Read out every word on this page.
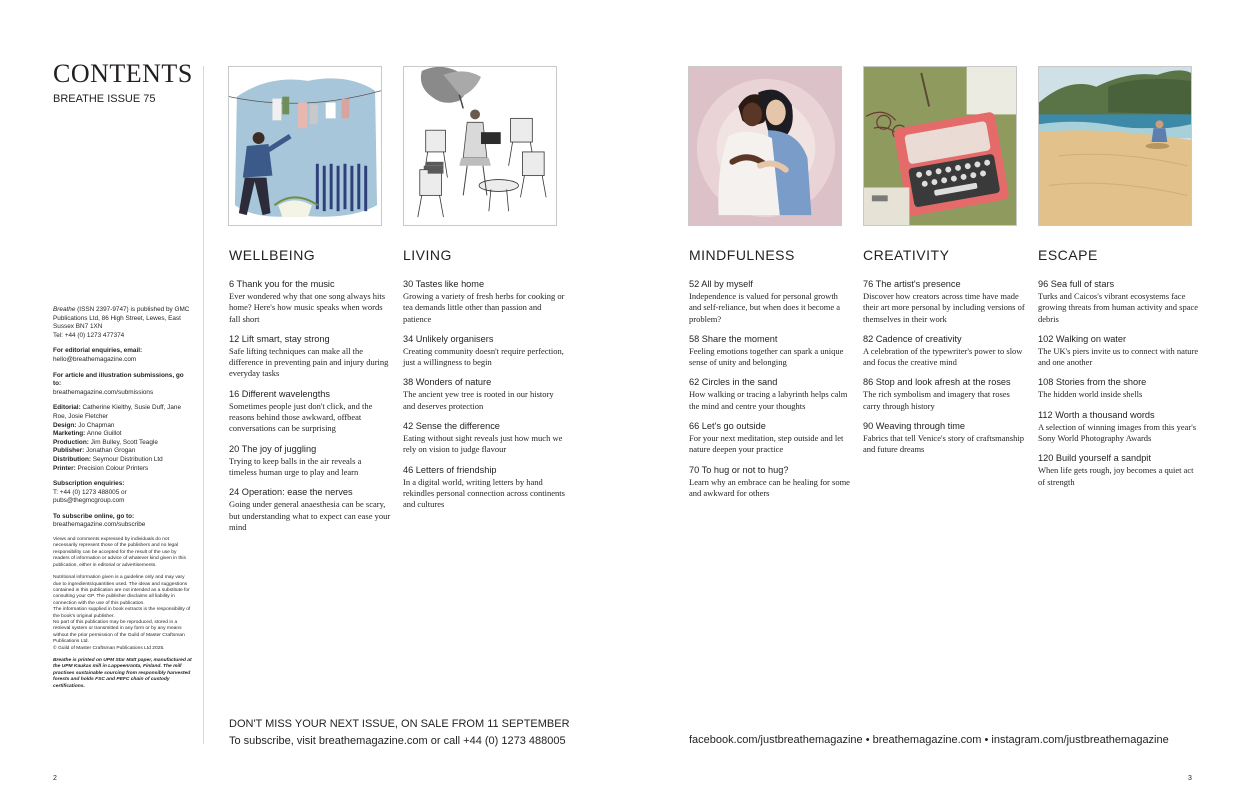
CONTENTS
BREATHE ISSUE 75

Breathe (ISSN 2397-9747) is published by GMC Publications Ltd, 86 High Street, Lewes, East Sussex BN7 1XN
Tel: +44 (0) 1273 477374

For editorial enquiries, email:
hello@breathemagazine.com

For article and illustration submissions, go to:
breathemagazine.com/submissions

Editorial: Catherine Kielthy, Susie Duff, Jane Roe, Josie Fletcher
Design: Jo Chapman
Marketing: Anne Guillot
Production: Jim Bulley, Scott Teagle
Publisher: Jonathan Grogan
Distribution: Seymour Distribution Ltd
Printer: Precision Colour Printers

Subscription enquiries:
T: +44 (0) 1273 488005 or
pubs@thegmcgroup.com

To subscribe online, go to:
breathemagazine.com/subscribe

Views and comments expressed by individuals do not necessarily represent those of the publishers and no legal responsibility can be accepted for the result of the use by readers of information or advice of whatever kind given in this publication, either in editorial or advertisements.

Nutritional information given is a guideline only and may vary due to ingredients/quantities used. The ideas and suggestions contained in this publication are not intended as a substitute for consulting your GP. The publisher disclaims all liability in connection with the use of this publication.
The information supplied in book extracts is the responsibility of the book's original publisher.
No part of this publication may be reproduced, stored in a retrieval system or transmitted in any form or by any means without the prior permission of the Guild of Master Craftsman Publications Ltd.
© Guild of Master Craftsman Publications Ltd 2025.

Breathe is printed on UPM Star Matt paper, manufactured at the UPM Kaukas mill in Lappeenranta, Finland. The mill practises sustainable sourcing from responsibly harvested forests and holds FSC and PEFC chain of custody certifications.

WELLBEING
6 Thank you for the music
Ever wondered why that one song always hits home? Here's how music speaks when words fall short
12 Lift smart, stay strong
Safe lifting techniques can make all the difference in preventing pain and injury during everyday tasks
16 Different wavelengths
Sometimes people just don't click, and the reasons behind those awkward, offbeat conversations can be surprising
20 The joy of juggling
Trying to keep balls in the air reveals a timeless human urge to play and learn
24 Operation: ease the nerves
Going under general anaesthesia can be scary, but understanding what to expect can ease your mind
LIVING
30 Tastes like home
Growing a variety of fresh herbs for cooking or tea demands little other than passion and patience
34 Unlikely organisers
Creating community doesn't require perfection, just a willingness to begin
38 Wonders of nature
The ancient yew tree is rooted in our history and deserves protection
42 Sense the difference
Eating without sight reveals just how much we rely on vision to judge flavour
46 Letters of friendship
In a digital world, writing letters by hand rekindles personal connection across continents and cultures
MINDFULNESS
52 All by myself
Independence is valued for personal growth and self-reliance, but when does it become a problem?
58 Share the moment
Feeling emotions together can spark a unique sense of unity and belonging
62 Circles in the sand
How walking or tracing a labyrinth helps calm the mind and centre your thoughts
66 Let's go outside
For your next meditation, step outside and let nature deepen your practice
70 To hug or not to hug?
Learn why an embrace can be healing for some and awkward for others
CREATIVITY
76 The artist's presence
Discover how creators across time have made their art more personal by including versions of themselves in their work
82 Cadence of creativity
A celebration of the typewriter's power to slow and focus the creative mind
86 Stop and look afresh at the roses
The rich symbolism and imagery that roses carry through history
90 Weaving through time
Fabrics that tell Venice's story of craftsmanship and future dreams
ESCAPE
96 Sea full of stars
Turks and Caicos's vibrant ecosystems face growing threats from human activity and space debris
102 Walking on water
The UK's piers invite us to connect with nature and one another
108 Stories from the shore
The hidden world inside shells
112 Worth a thousand words
A selection of winning images from this year's Sony World Photography Awards
120 Build yourself a sandpit
When life gets rough, joy becomes a quiet act of strength
DON'T MISS YOUR NEXT ISSUE, ON SALE FROM 11 SEPTEMBER
To subscribe, visit breathemagazine.com or call +44 (0) 1273 488005	facebook.com/justbreathemagazine • breathemagazine.com • instagram.com/justbreathemagazine
2	3
